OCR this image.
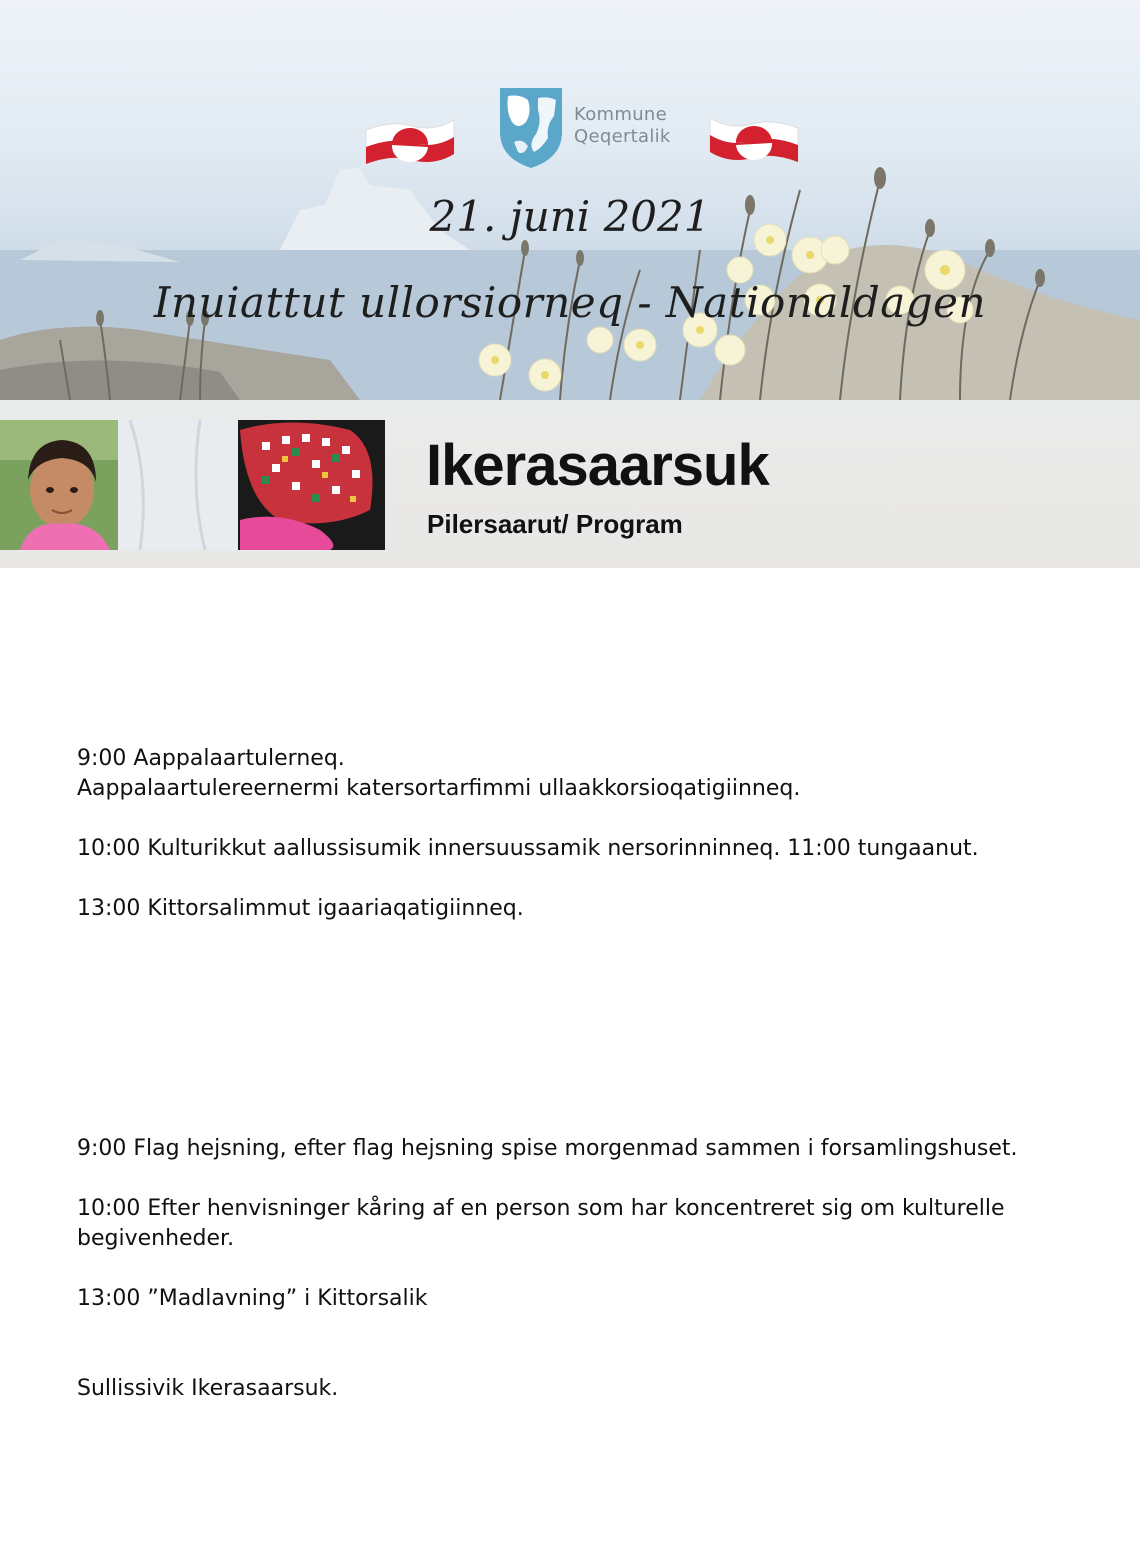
Kommune
Qeqertalik
21. juni 2021
Inuiattut ullorsiorneq - Nationaldagen
Ikerasaarsuk
Pilersaarut/ Program

9:00 Aappalaartulerneq.

Aappalaartulereernermi katersortarfimmi ullaakkorsioqatigiinneq.

10:00 Kulturikkut aallussisumik innersuussamik nersorinninneq. 11:00 tungaanut.

13:00 Kittorsalimmut igaariaqatigiinneq.

9:00 Flag hejsning, efter flag hejsning spise morgenmad sammen i forsamlingshuset.

10:00 Efter henvisninger kåring af en person som har koncentreret sig om kulturelle

begivenheder.

13:00 ”Madlavning” i Kittorsalik

Sullissivik Ikerasaarsuk.
